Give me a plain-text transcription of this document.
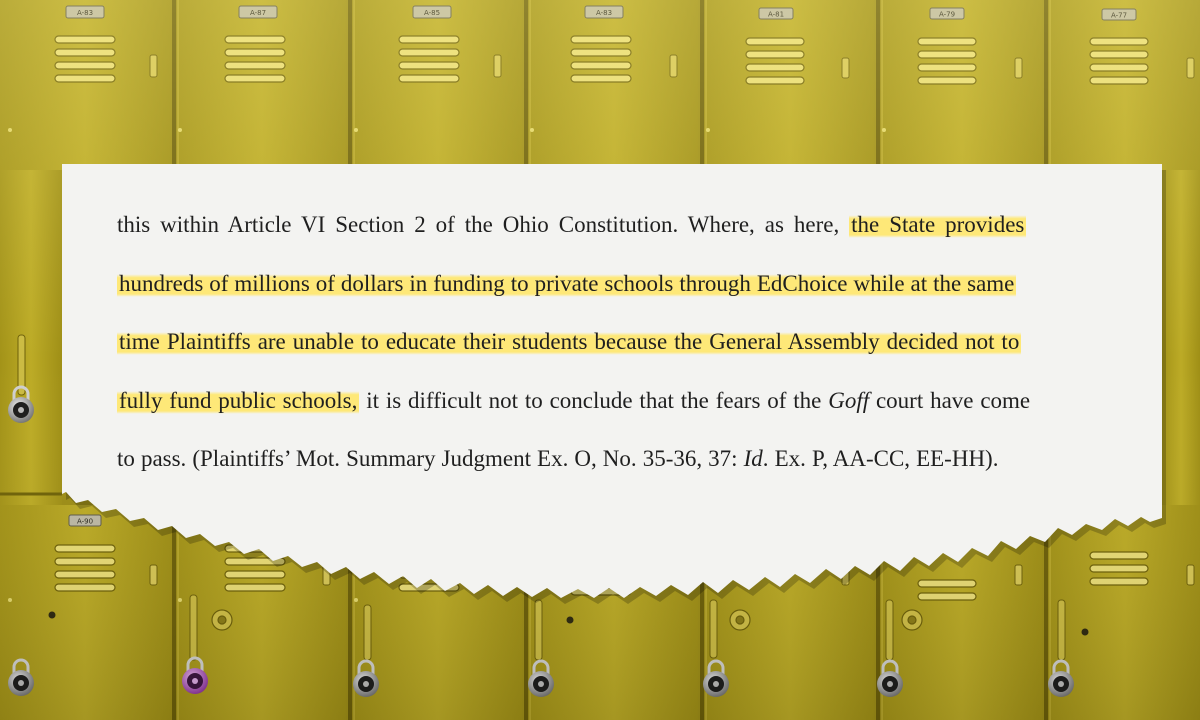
this within Article VI Section 2 of the Ohio Constitution. Where, as here, the State provides
hundreds of millions of dollars in funding to private schools through EdChoice while at the same
time Plaintiffs are unable to educate their students because the General Assembly decided not to
fully fund public schools, it is difficult not to conclude that the fears of the Goff court have come
to pass. (Plaintiffs’ Mot. Summary Judgment Ex. O, No. 35-36, 37: Id. Ex. P, AA-CC, EE-HH).
